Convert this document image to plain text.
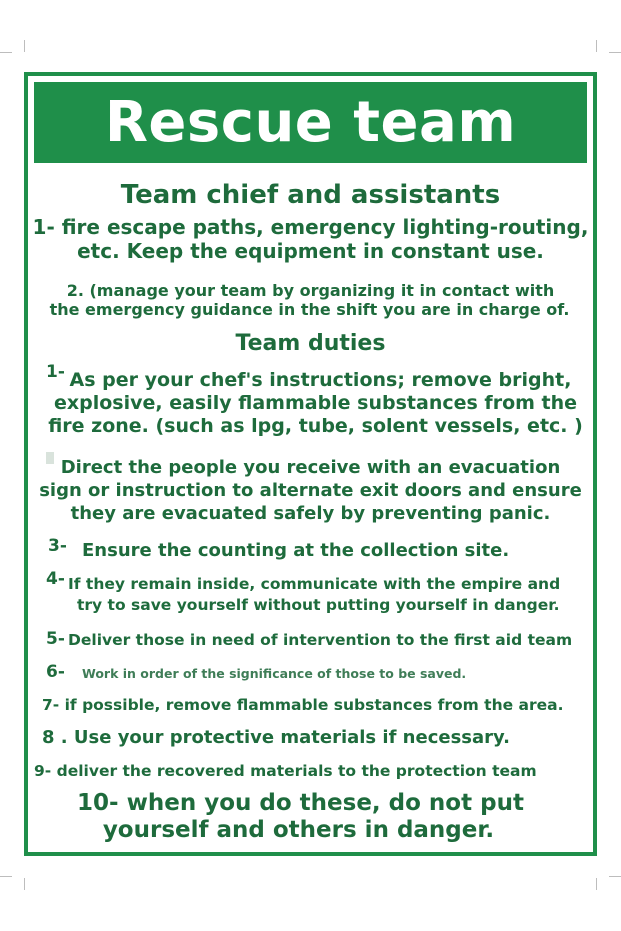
Rescue team
Team chief and assistants
1- fire escape paths, emergency lighting-routing,
etc. Keep the equipment in constant use.
2. (manage your team by organizing it in contact with
the emergency guidance in the shift you are in charge of.
Team duties
1- As per your chef's instructions; remove bright,
explosive, easily flammable substances from the
fire zone. (such as lpg, tube, solent vessels, etc. )
Direct the people you receive with an evacuation
sign or instruction to alternate exit doors and ensure
they are evacuated safely by preventing panic.
3- Ensure the counting at the collection site.
4- If they remain inside, communicate with the empire and
try to save yourself without putting yourself in danger.
5- Deliver those in need of intervention to the first aid team
6- Work in order of the significance of those to be saved.
7- if possible, remove flammable substances from the area.
8 . Use your protective materials if necessary.
9- deliver the recovered materials to the protection team
10- when you do these, do not put
yourself and others in danger.
